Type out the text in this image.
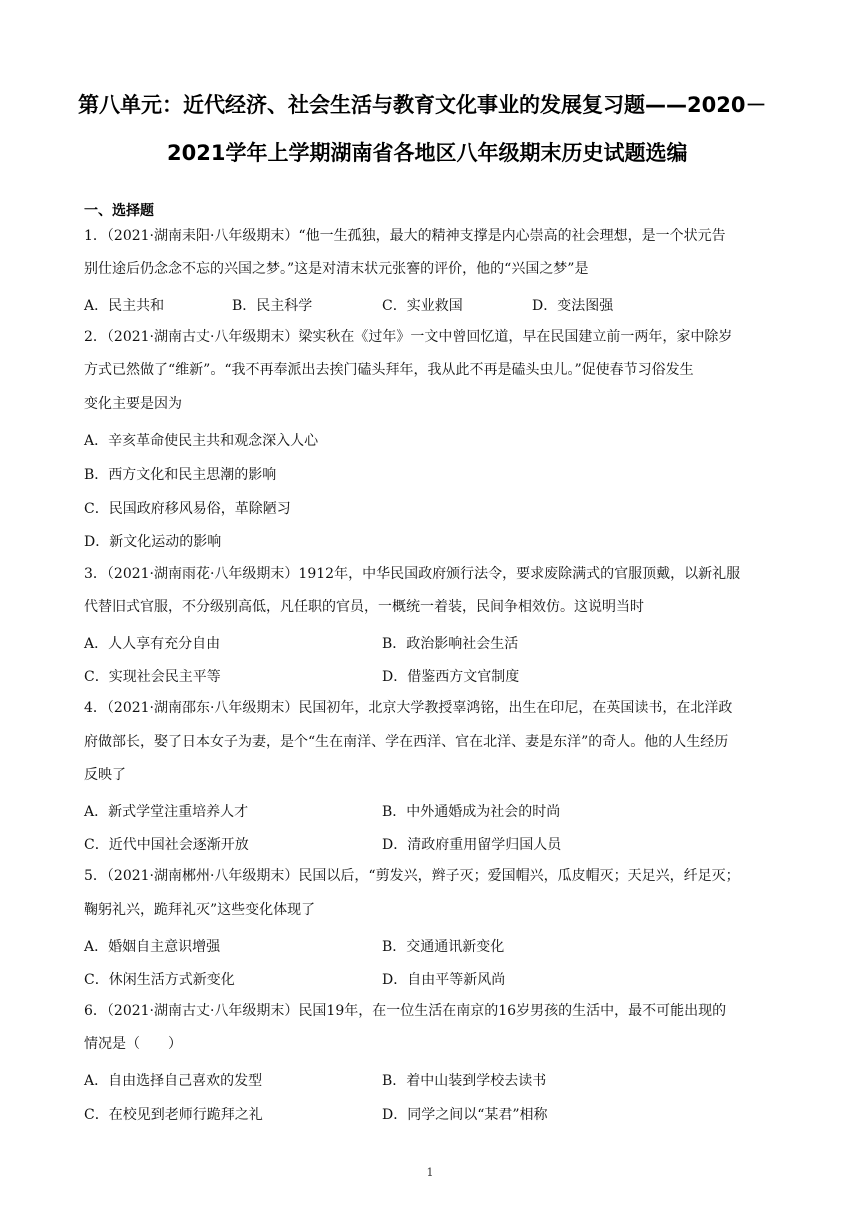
第八单元：近代经济、社会生活与教育文化事业的发展复习题——2020－
2021学年上学期湖南省各地区八年级期末历史试题选编
一、选择题
1．（2021·湖南耒阳·八年级期末）“他一生孤独，最大的精神支撑是内心崇高的社会理想，是一个状元告
别仕途后仍念念不忘的兴国之梦。”这是对清末状元张謇的评价，他的“兴国之梦”是
A．民主共和	B．民主科学	C．实业救国	D．变法图强
2．（2021·湖南古丈·八年级期末）梁实秋在《过年》一文中曾回忆道，早在民国建立前一两年，家中除岁
方式已然做了“维新”。“我不再奉派出去挨门磕头拜年，我从此不再是磕头虫儿。”促使春节习俗发生
变化主要是因为
A．辛亥革命使民主共和观念深入人心
B．西方文化和民主思潮的影响
C．民国政府移风易俗，革除陋习
D．新文化运动的影响
3．（2021·湖南雨花·八年级期末）1912年，中华民国政府颁行法令，要求废除满式的官服顶戴，以新礼服
代替旧式官服，不分级别高低，凡任职的官员，一概统一着装，民间争相效仿。这说明当时
A．人人享有充分自由	B．政治影响社会生活
C．实现社会民主平等	D．借鉴西方文官制度
4．（2021·湖南邵东·八年级期末）民国初年，北京大学教授辜鸿铭，出生在印尼，在英国读书，在北洋政
府做部长，娶了日本女子为妻，是个“生在南洋、学在西洋、官在北洋、妻是东洋”的奇人。他的人生经历
反映了
A．新式学堂注重培养人才	B．中外通婚成为社会的时尚
C．近代中国社会逐渐开放	D．清政府重用留学归国人员
5．（2021·湖南郴州·八年级期末）民国以后，“剪发兴，辫子灭；爱国帽兴，瓜皮帽灭；天足兴，纤足灭；
鞠躬礼兴，跪拜礼灭”这些变化体现了
A．婚姻自主意识增强	B．交通通讯新变化
C．休闲生活方式新变化	D．自由平等新风尚
6．（2021·湖南古丈·八年级期末）民国19年，在一位生活在南京的16岁男孩的生活中，最不可能出现的
情况是（　　）
A．自由选择自己喜欢的发型	B．着中山装到学校去读书
C．在校见到老师行跪拜之礼	D．同学之间以“某君”相称
1
